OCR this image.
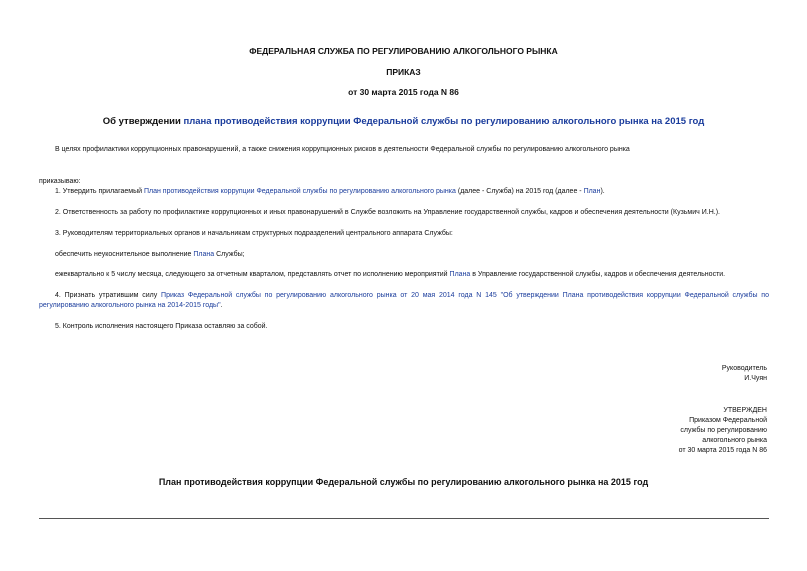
ФЕДЕРАЛЬНАЯ СЛУЖБА ПО РЕГУЛИРОВАНИЮ АЛКОГОЛЬНОГО РЫНКА
ПРИКАЗ
от 30 марта 2015 года N 86
Об утверждении плана противодействия коррупции Федеральной службы по регулированию алкогольного рынка на 2015 год
В целях профилактики коррупционных правонарушений, а также снижения коррупционных рисков в деятельности Федеральной службы по регулированию алкогольного рынка
приказываю:
1. Утвердить прилагаемый План противодействия коррупции Федеральной службы по регулированию алкогольного рынка (далее - Служба) на 2015 год (далее - План).
2. Ответственность за работу по профилактике коррупционных и иных правонарушений в Службе возложить на Управление государственной службы, кадров и обеспечения деятельности (Кузьмич И.Н.).
3. Руководителям территориальных органов и начальникам структурных подразделений центрального аппарата Службы:
обеспечить неукоснительное выполнение Плана Службы;
ежеквартально к 5 числу месяца, следующего за отчетным кварталом, представлять отчет по исполнению мероприятий Плана в Управление государственной службы, кадров и обеспечения деятельности.
4. Признать утратившим силу Приказ Федеральной службы по регулированию алкогольного рынка от 20 мая 2014 года N 145 "Об утверждении Плана противодействия коррупции Федеральной службы по регулированию алкогольного рынка на 2014-2015 годы".
5. Контроль исполнения настоящего Приказа оставляю за собой.
Руководитель
И.Чуян
УТВЕРЖДЕН
Приказом Федеральной
службы по регулированию
алкогольного рынка
от 30 марта 2015 года N 86
План противодействия коррупции Федеральной службы по регулированию алкогольного рынка на 2015 год
